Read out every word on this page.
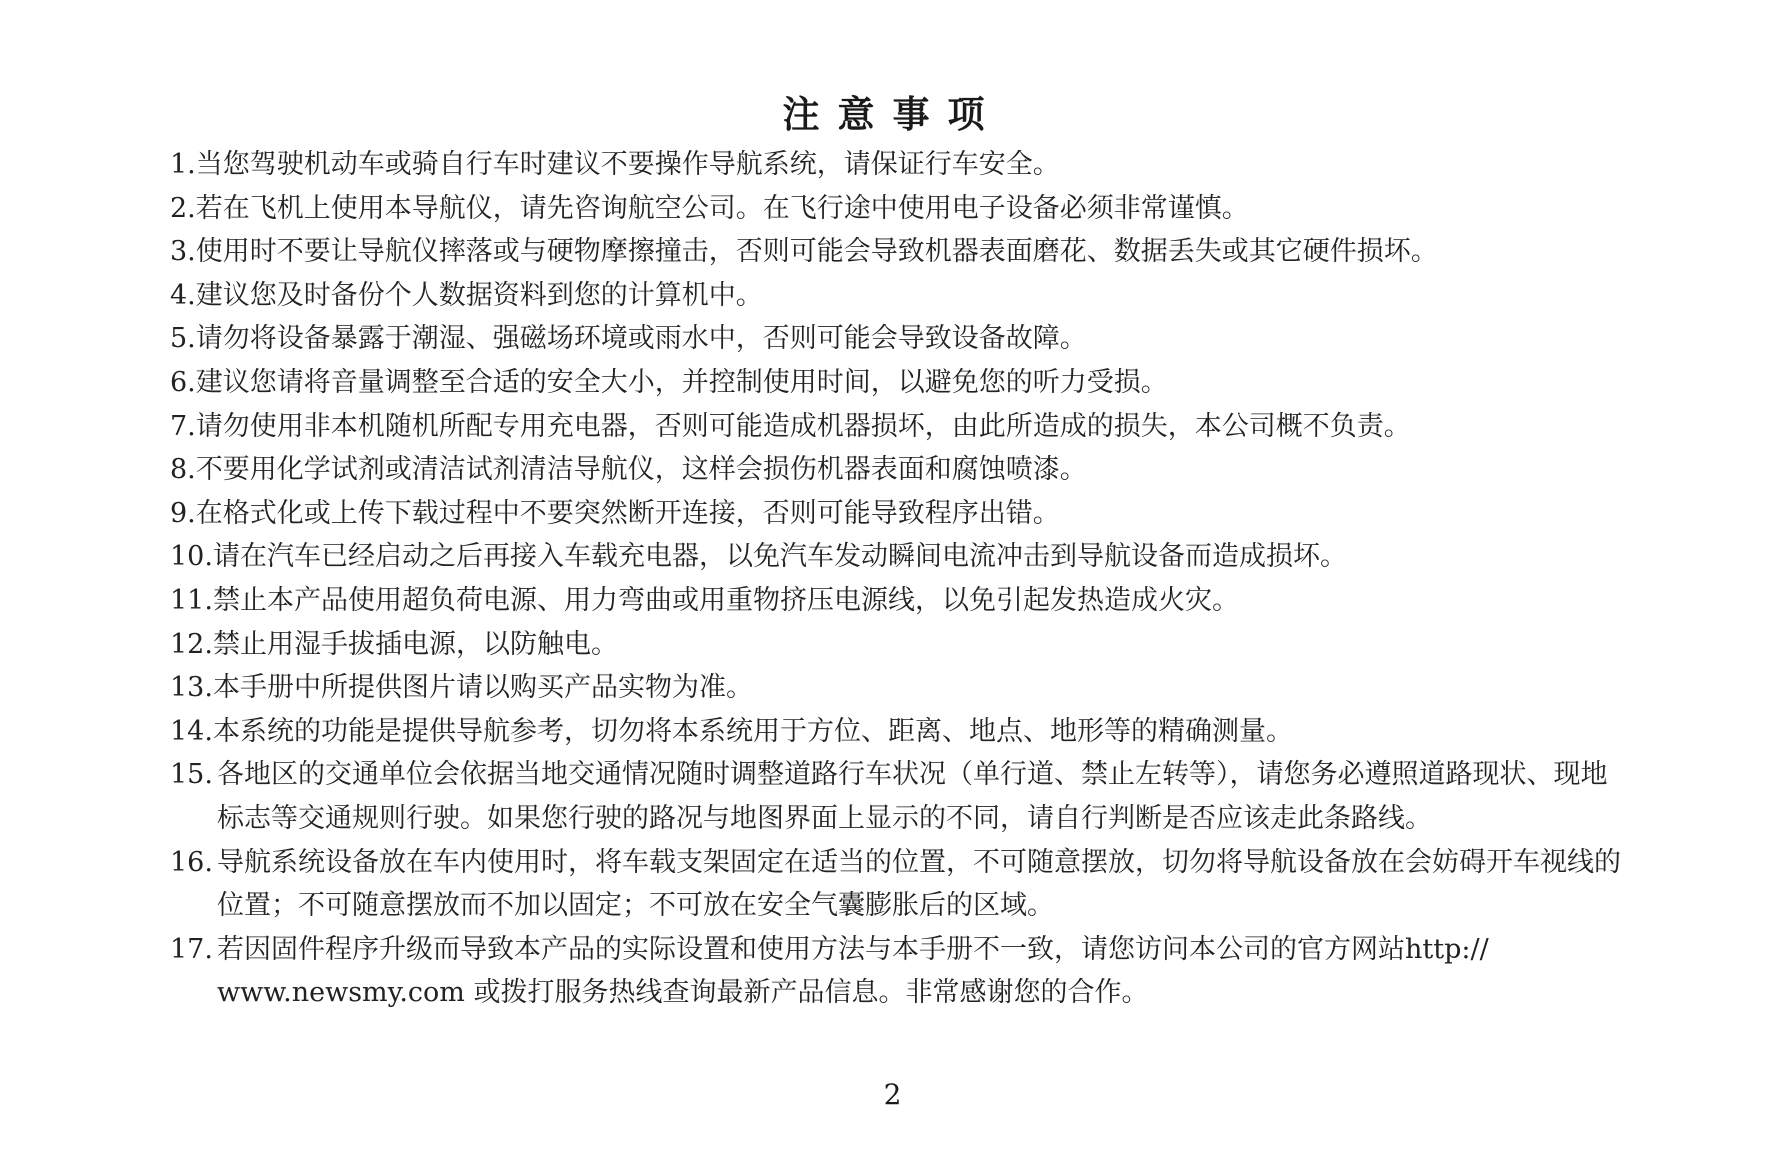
注意事项
1. 当您驾驶机动车或骑自行车时建议不要操作导航系统，请保证行车安全。
2. 若在飞机上使用本导航仪，请先咨询航空公司。在飞行途中使用电子设备必须非常谨慎。
3. 使用时不要让导航仪摔落或与硬物摩擦撞击，否则可能会导致机器表面磨花、数据丢失或其它硬件损坏。
4. 建议您及时备份个人数据资料到您的计算机中。
5. 请勿将设备暴露于潮湿、强磁场环境或雨水中，否则可能会导致设备故障。
6. 建议您请将音量调整至合适的安全大小，并控制使用时间，以避免您的听力受损。
7. 请勿使用非本机随机所配专用充电器，否则可能造成机器损坏，由此所造成的损失，本公司概不负责。
8. 不要用化学试剂或清洁试剂清洁导航仪，这样会损伤机器表面和腐蚀喷漆。
9. 在格式化或上传下载过程中不要突然断开连接，否则可能导致程序出错。
10. 请在汽车已经启动之后再接入车载充电器，以免汽车发动瞬间电流冲击到导航设备而造成损坏。
11. 禁止本产品使用超负荷电源、用力弯曲或用重物挤压电源线，以免引起发热造成火灾。
12. 禁止用湿手拔插电源，以防触电。
13. 本手册中所提供图片请以购买产品实物为准。
14. 本系统的功能是提供导航参考，切勿将本系统用于方位、距离、地点、地形等的精确测量。
15. 各地区的交通单位会依据当地交通情况随时调整道路行车状况（单行道、禁止左转等），请您务必遵照道路现状、现地标志等交通规则行驶。如果您行驶的路况与地图界面上显示的不同，请自行判断是否应该走此条路线。
16. 导航系统设备放在车内使用时，将车载支架固定在适当的位置，不可随意摆放，切勿将导航设备放在会妨碍开车视线的位置；不可随意摆放而不加以固定；不可放在安全气囊膨胀后的区域。
17. 若因固件程序升级而导致本产品的实际设置和使用方法与本手册不一致，请您访问本公司的官方网站http:// www.newsmy.com 或拨打服务热线查询最新产品信息。非常感谢您的合作。
2
